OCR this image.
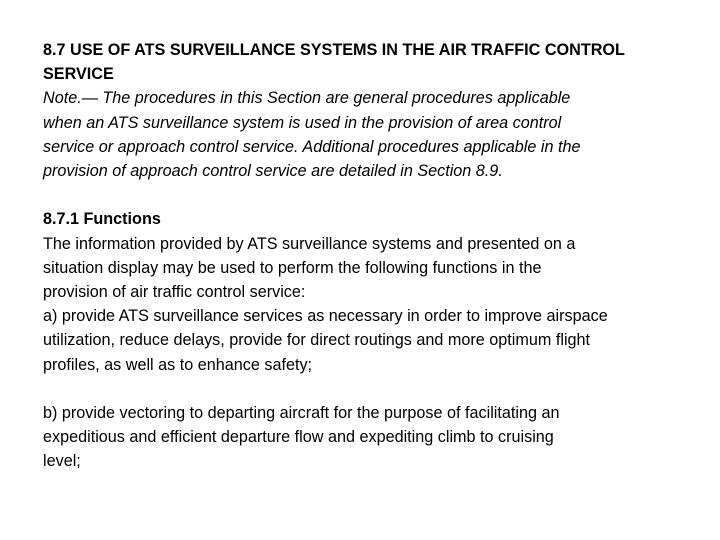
8.7 USE OF ATS SURVEILLANCE SYSTEMS IN THE AIR TRAFFIC CONTROL
SERVICE
Note.— The procedures in this Section are general procedures applicable
when an ATS surveillance system is used in the provision of area control
service or approach control service. Additional procedures applicable in the
provision of approach control service are detailed in Section 8.9.
8.7.1 Functions
The information provided by ATS surveillance systems and presented on a
situation display may be used to perform the following functions in the
provision of air traffic control service:
a) provide ATS surveillance services as necessary in order to improve airspace
utilization, reduce delays, provide for direct routings and more optimum flight
profiles, as well as to enhance safety;
b) provide vectoring to departing aircraft for the purpose of facilitating an
expeditious and efficient departure flow and expediting climb to cruising
level;
